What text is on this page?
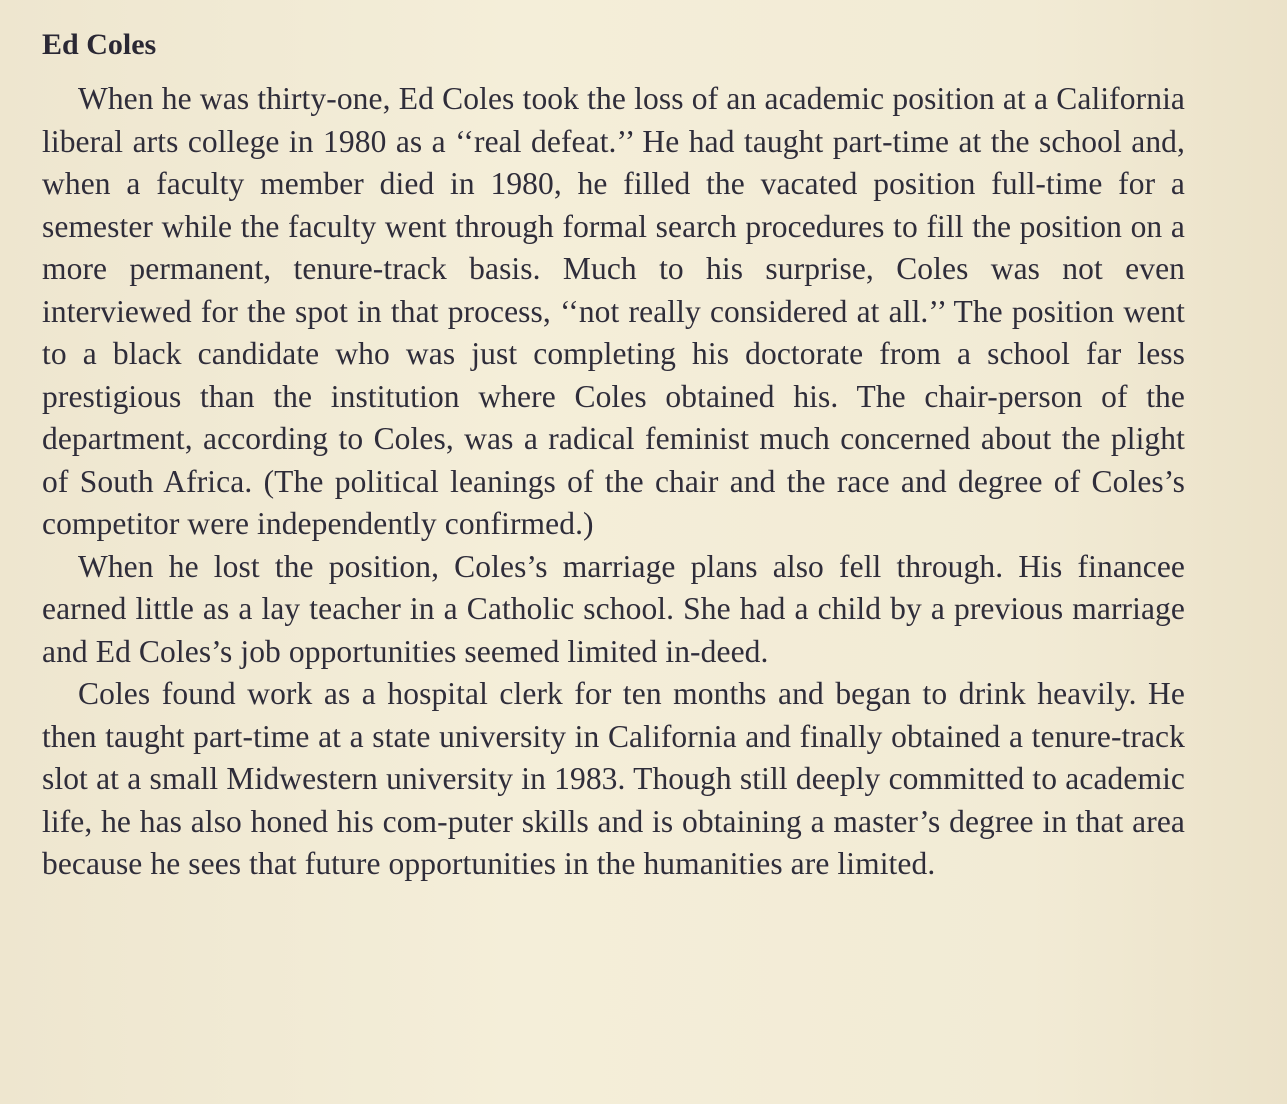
Ed Coles

When he was thirty-one, Ed Coles took the loss of an academic position at a California liberal arts college in 1980 as a ‘‘real defeat.’’ He had taught part-time at the school and, when a faculty member died in 1980, he filled the vacated position full-time for a semester while the faculty went through formal search procedures to fill the position on a more permanent, tenure-track basis. Much to his surprise, Coles was not even interviewed for the spot in that process, ‘‘not really considered at all.’’ The position went to a black candidate who was just completing his doctorate from a school far less prestigious than the institution where Coles obtained his. The chair-person of the department, according to Coles, was a radical feminist much concerned about the plight of South Africa. (The political leanings of the chair and the race and degree of Coles’s competitor were independently confirmed.)

When he lost the position, Coles’s marriage plans also fell through. His financee earned little as a lay teacher in a Catholic school. She had a child by a previous marriage and Ed Coles’s job opportunities seemed limited in-deed.

Coles found work as a hospital clerk for ten months and began to drink heavily. He then taught part-time at a state university in California and finally obtained a tenure-track slot at a small Midwestern university in 1983. Though still deeply committed to academic life, he has also honed his com-puter skills and is obtaining a master’s degree in that area because he sees that future opportunities in the humanities are limited.
